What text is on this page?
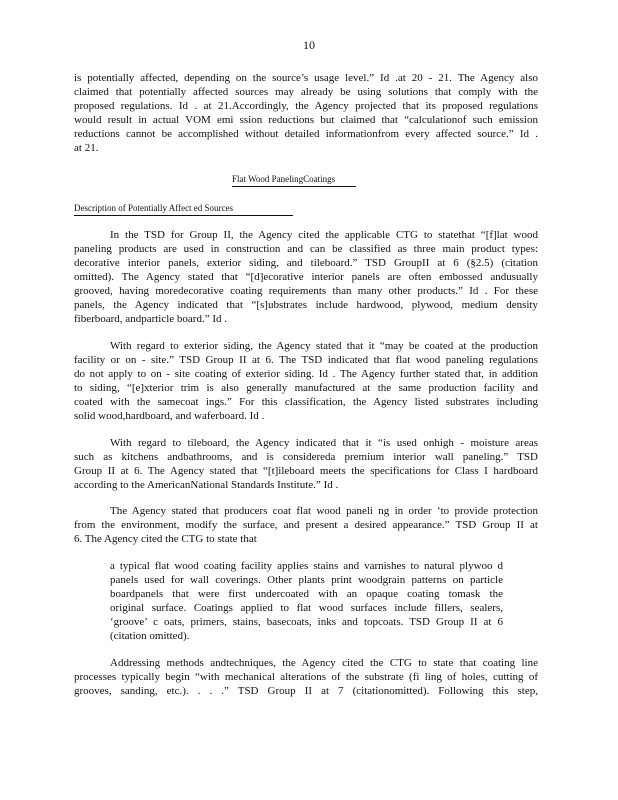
10
is potentially affected, depending on the source’s usage level.” Id .at 20 - 21. The Agency also
claimed that potentially affected sources may already be using solutions that comply with the
proposed regulations. Id . at 21.Accordingly, the Agency projected that its proposed regulations
would result in actual VOM emi ssion reductions but claimed that “calculationof such emission
reductions cannot be accomplished without detailed informationfrom every affected source.” Id .
at 21.
Flat Wood PanelingCoatings
Description of Potentially Affect ed Sources
In the TSD for Group II, the Agency cited the applicable CTG to statethat “[f]lat wood
paneling products are used in construction and can be classified as three main product types:
decorative interior panels, exterior siding, and tileboard.” TSD GroupII at 6 (§2.5) (citation
omitted). The Agency stated that “[d]ecorative interior panels are often embossed andusually
grooved, having moredecorative coating requirements than many other products.” Id . For these
panels, the Agency indicated that “[s]ubstrates include hardwood, plywood, medium density
fiberboard, andparticle board.” Id .
With regard to exterior siding, the Agency stated that it “may be coated at the production
facility or on - site.” TSD Group II at 6. The TSD indicated that flat wood paneling regulations
do not apply to on - site coating of exterior siding. Id . The Agency further stated that, in addition
to siding, “[e]xterior trim is also generally manufactured at the same production facility and
coated with the samecoat ings.” For this classification, the Agency listed substrates including
solid wood,hardboard, and waferboard. Id .
With regard to tileboard, the Agency indicated that it “is used onhigh - moisture areas
such as kitchens andbathrooms, and is considereda premium interior wall paneling.” TSD
Group II at 6. The Agency stated that “[t]ileboard meets the specifications for Class I hardboard
according to the AmericanNational Standards Institute.” Id .
The Agency stated that producers coat flat wood paneli ng in order ‘to provide protection
from the environment, modify the surface, and present a desired appearance.” TSD Group II at
6. The Agency cited the CTG to state that
a typical flat wood coating facility applies stains and varnishes to natural plywoo d
panels used for wall coverings. Other plants print woodgrain patterns on particle
boardpanels that were first undercoated with an opaque coating tomask the
original surface. Coatings applied to flat wood surfaces include fillers, sealers,
‘groove’ c oats, primers, stains, basecoats, inks and topcoats. TSD Group II at 6
(citation omitted).
Addressing methods andtechniques, the Agency cited the CTG to state that coating line
processes typically begin “with mechanical alterations of the substrate (fi ling of holes, cutting of
grooves, sanding, etc.). . . .” TSD Group II at 7 (citationomitted). Following this step,
